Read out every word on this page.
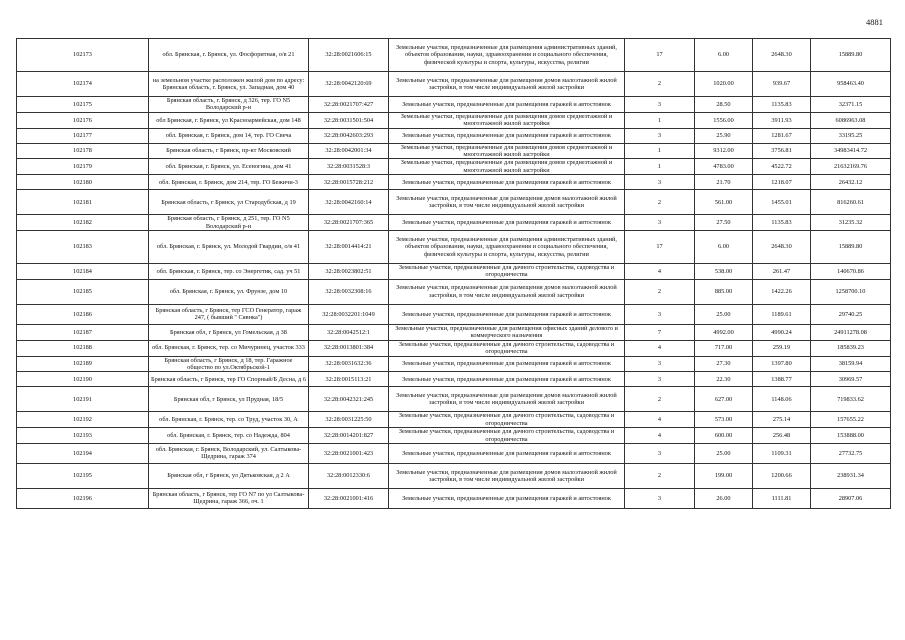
4881
102173	обл. Брянская, г. Брянск, ул. Фосфоритная, о/в 21	32:28:0021606:15	Земельные участки, предназначенные для размещения административных зданий, объектов образования, науки, здравоохранения и социального обеспечения, физической культуры и спорта, культуры, искусства, религии	17	6.00	2648.30	15889.80
102174	на земельном участке расположен жилой дом по адресу: Брянская область, г. Брянск, ул. Западная, дом 40	32:28:0042120:69	Земельные участки, предназначенные для размещения домов малоэтажной жилой застройки, в том числе индивидуальной жилой застройки	2	1020.00	939.67	958463.40
102175	Брянская область, г. Брянск, д 326, тер. ГО N5 Володарский р-н	32:28:0021707:427	Земельные участки, предназначенные для размещения гаражей и автостоянок	3	28.50	1135.83	32371.15
102176	обл Брянская, г. Брянск, ул Красноармейская, дом 148	32:28:0031501:504	Земельные участки, предназначенные для размещения домов среднеэтажной и многоэтажной жилой застройки	1	1556.00	3911.93	6086963.08
102177	обл. Брянская, г. Брянск, дом 14, тер. ГО Свеча	32:28:0042603:293	Земельные участки, предназначенные для размещения гаражей и автостоянок	3	25.90	1281.67	33195.25
102178	Брянская область, г Брянск, пр-кт Московский	32:28:0042001:34	Земельные участки, предназначенные для размещения домов среднеэтажной и многоэтажной жилой застройки	1	9312.00	3756.81	34983414.72
102179	обл. Брянская, г. Брянск, ул. Есеногина, дом 41	32:28:0031528:3	Земельные участки, предназначенные для размещения домов среднеэтажной и многоэтажной жилой застройки	1	4783.00	4522.72	21632169.76
102180	обл. Брянская, г. Брянск, дом 214, тер. ГО Бежичи-3	32:28:0015728:212	Земельные участки, предназначенные для размещения гаражей и автостоянок	3	21.70	1218.07	26432.12
102181	Брянская область, г Брянск, ул Стародубская, д 19	32:28:0042160:14	Земельные участки, предназначенные для размещения домов малоэтажной жилой застройки, в том числе индивидуальной жилой застройки	2	561.00	1455.01	816260.61
102182	Брянская область, г Брянск, д 251, тер. ГО N5 Володарский р-н	32:28:0021707:365	Земельные участки, предназначенные для размещения гаражей и автостоянок	3	27.50	1135.83	31235.32
102183	обл. Брянская, г. Брянск, ул. Молодой Гвардии, о/в 41	32:28:0014414:21	Земельные участки, предназначенные для размещения административных зданий, объектов образования, науки, здравоохранения и социального обеспечения, физической культуры и спорта, культуры, искусства, религии	17	6.00	2648.30	15889.80
102184	обл. Брянская, г. Брянск, тер. со Энергетик, сад. уч 51	32:28:0023802:51	Земельные участки, предназначенные для дачного строительства, садоводства и огородничества	4	538.00	261.47	140670.86
102185	обл. Брянская, г. Брянск, ул. Фрунзе, дом 10	32:28:0032308:16	Земельные участки, предназначенные для размещения домов малоэтажной жилой застройки, в том числе индивидуальной жилой застройки	2	885.00	1422.26	1258700.10
102186	Брянская область, г Брянск, тер ГСО Генератор, гараж 247, ( бывший " Сявнка")	32:28:0032201:1049	Земельные участки, предназначенные для размещения гаражей и автостоянок	3	25.00	1189.61	29740.25
102187	Брянская обл, г Брянск, ул Гомельская, д 38	32:28:0042512:1	Земельные участки, предназначенные для размещения офисных зданий делового и коммерческого назначения	7	4992.00	4990.24	24911278.08
102188	обл. Брянская, г. Брянск, тер. со Мичуринец, участок 333	32:28:0013801:384	Земельные участки, предназначенные для дачного строительства, садоводства и огородничества	4	717.00	259.19	185839.23
102189	Брянская область, г Брянск, д 18, тер. Гаражное общество по ул.Октябрьской-1	32:28:0031632:36	Земельные участки, предназначенные для размещения гаражей и автостоянок	3	27.30	1397.80	38159.94
102190	Брянская область, г Брянск, тер ГО Спорный/Б Десна, д 6	32:28:0015113:21	Земельные участки, предназначенные для размещения гаражей и автостоянок	3	22.30	1388.77	30969.57
102191	Брянская обл, г Брянск, ул Прудная, 18/5	32:28:0042321:245	Земельные участки, предназначенные для размещения домов малоэтажной жилой застройки, в том числе индивидуальной жилой застройки	2	627.00	1148.06	719833.62
102192	обл. Брянская, г. Брянск, тер. со Труд, участок 30, А	32:28:0031225:50	Земельные участки, предназначенные для дачного строительства, садоводства и огородничества	4	573.00	275.14	157655.22
102193	обл. Брянская, г. Брянск, тер. со Надежда, 804	32:28:0014201:827	Земельные участки, предназначенные для дачного строительства, садоводства и огородничества	4	600.00	256.48	153888.00
102194	обл. Брянская, г. Брянск, Володарский, ул. Салтыкова-Щедрина, гараж 374	32:28:0021001:423	Земельные участки, предназначенные для размещения гаражей и автостоянок	3	25.00	1109.31	27732.75
102195	Брянская обл, г Брянск, ул Дятьковская, д 2 А	32:28:0012330:6	Земельные участки, предназначенные для размещения домов малоэтажной жилой застройки, в том числе индивидуальной жилой застройки	2	199.00	1200.66	238931.34
102196	Брянская область, г Брянск, тер ГО N7 по ул Салтыкова-Щедрина, гараж 366, оч. 1	32:28:0021001:416	Земельные участки, предназначенные для размещения гаражей и автостоянок	3	26.00	1111.81	28907.06
